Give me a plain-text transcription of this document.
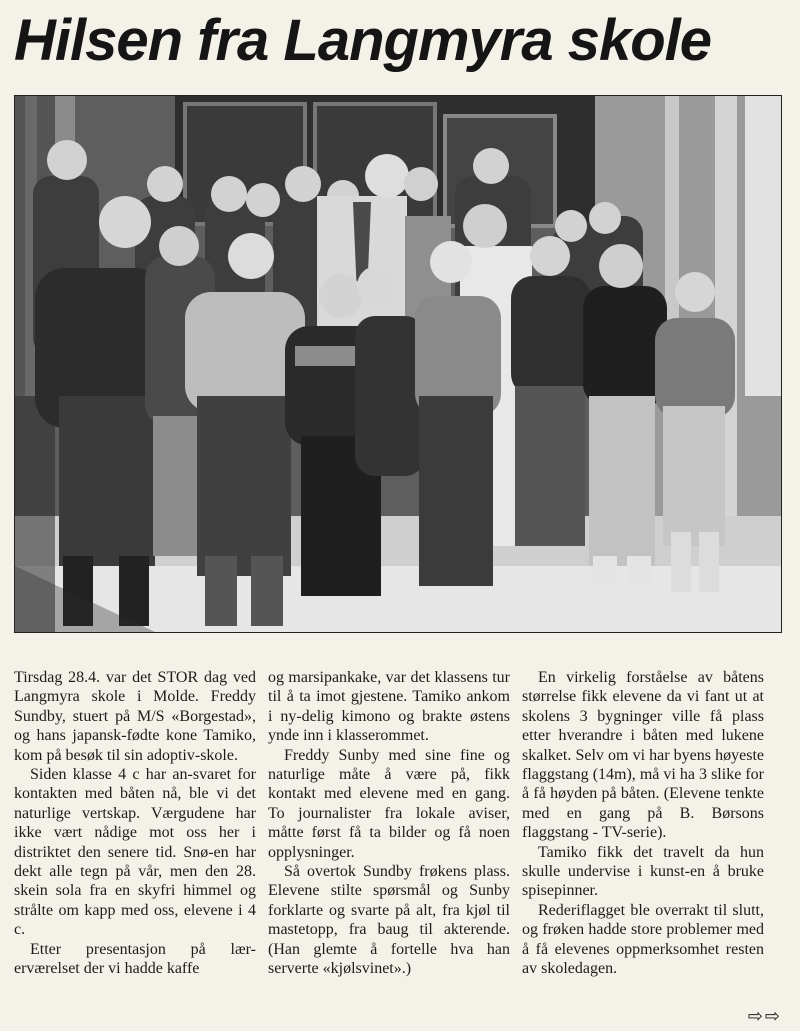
Hilsen fra Langmyra skole

Tirsdag 28.4. var det STOR dag ved Langmyra skole i Molde. Freddy Sundby, stuert på M/S «Borgestad», og hans japansk-fødte kone Tamiko, kom på besøk til sin adoptiv-skole.

Siden klasse 4 c har an-svaret for kontakten med båten nå, ble vi det naturlige vertskap. Værgudene har ikke vært nådige mot oss her i distriktet den senere tid. Snø-en har dekt alle tegn på vår, men den 28. skein sola fra en skyfri himmel og strålte om kapp med oss, elevene i 4 c.

Etter presentasjon på lær-erværelset der vi hadde kaffe

og marsipankake, var det klassens tur til å ta imot gjestene. Tamiko ankom i ny-delig kimono og brakte østens ynde inn i klasserommet.

Freddy Sunby med sine fine og naturlige måte å være på, fikk kontakt med elevene med en gang. To journalister fra lokale aviser, måtte først få ta bilder og få noen opplysninger.

Så overtok Sundby frøkens plass. Elevene stilte spørsmål og Sunby forklarte og svarte på alt, fra kjøl til mastetopp, fra baug til akterende. (Han glemte å fortelle hva han serverte «kjølsvinet».)

En virkelig forståelse av båtens størrelse fikk elevene da vi fant ut at skolens 3 bygninger ville få plass etter hverandre i båten med lukene skalket. Selv om vi har byens høyeste flaggstang (14m), må vi ha 3 slike for å få høyden på båten. (Elevene tenkte med en gang på B. Børsons flaggstang - TV-serie).

Tamiko fikk det travelt da hun skulle undervise i kunst-en å bruke spisepinner.

Rederiflagget ble overrakt til slutt, og frøken hadde store problemer med å få elevenes oppmerksomhet resten av skoledagen.

⇨⇨
